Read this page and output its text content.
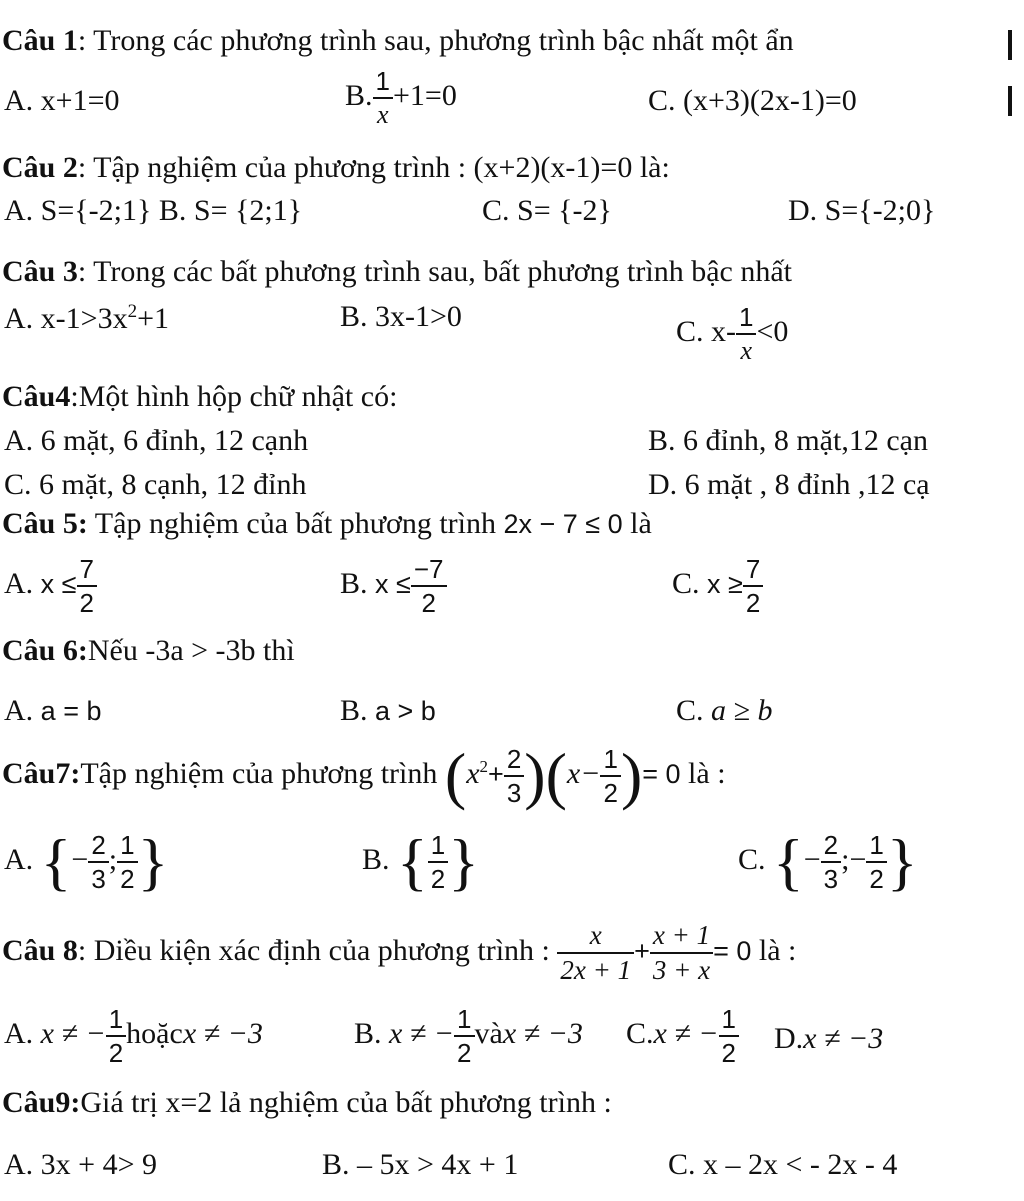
Câu 1: Trong các phương trình sau, phương trình bậc nhất một ẩn
A. x+1=0	B. $\frac{1}{x} +1=0$	C. (x+3)(2x-1)=0
Câu 2: Tập nghiệm của phương trình : (x+2)(x-1)=0 là:
A. S={-2;1} B. S= {2;1}	C. S= {-2}	D. S={-2;0}
Câu 3: Trong các bất phương trình sau, bất phương trình bậc nhất
A. $x-1>3x^2+1$	B. 3x-1>0	C. $x- \frac{1}{x} <0$
Câu4:Một hình hộp chữ nhật có:
A. 6 mặt, 6 đỉnh, 12 cạnh	B. 6 đỉnh, 8 mặt,12 cạn
C. 6 mặt, 8 cạnh, 12 đỉnh	D. 6 mặt , 8 đỉnh ,12 cạ
Câu 5: Tập nghiệm của bất phương trình 2x − 7 ≤ 0 là
A. $x \le \frac{7}{2}$	B. $x \le \frac{-7}{2}$	C. $x \ge \frac{7}{2}$
Câu 6:Nếu -3a > -3b thì
A. a = b	B. a > b	C. a ≥ b
Câu7:Tập nghiệm của phương trình $(x^2+ \frac{2}{3} )(x- \frac{1}{2}$ )= 0 là :
A. {− $\frac{2}{3}$ ; $\frac{1}{2}$ }	B. { $\frac{1}{2}$ }	C. {− $\frac{2}{3}$ ;− $\frac{1}{2}$ }
Câu 8: Diều kiện xác định của phương trình : $\frac{x}{2x + 1} + \frac{x + 1}{3 + x} = 0$ là :
A. x ≠ − $\frac{1}{2}$ hoặcx ≠ −3	B. x ≠ − $\frac{1}{2}$ vàx ≠ −3 C.x ≠ − $\frac{1}{2} D.x \ne -3$
Câu9:Giá trị x=2 lả nghiệm của bất phương trình :
A. 3x + 4> 9	B. – 5x > 4x + 1	C. x – 2x < - 2x - 4
